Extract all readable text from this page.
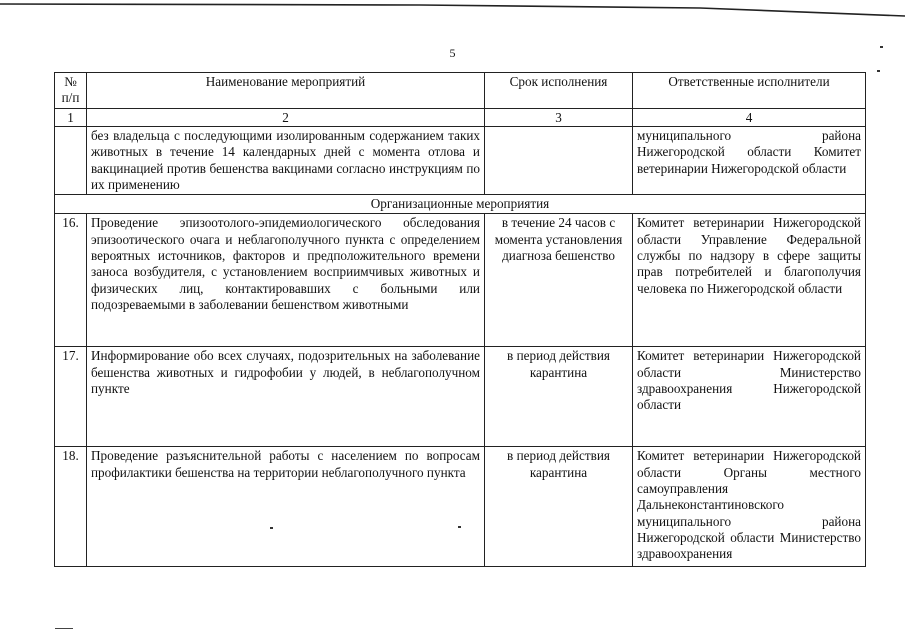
5
№ п/п	Наименование мероприятий	Срок исполнения	Ответственные исполнители
1	2	3	4
	без владельца с последующими изолированным содержанием таких животных в течение 14 календарных дней с момента отлова и вакцинацией против бешенства вакцинами согласно инструкциям по их применению		муниципального района Нижегородской области Комитет ветеринарии Нижегородской области
Организационные мероприятия			
16.	Проведение эпизоотолого-эпидемиологического обследования эпизоотического очага и неблагополучного пункта с определением вероятных источников, факторов и предположительного времени заноса возбудителя, с установлением восприимчивых животных и физических лиц, контактировавших с больными или подозреваемыми в заболевании бешенством животными	в течение 24 часов с момента установления диагноза бешенство	Комитет ветеринарии Нижегородской области Управление Федеральной службы по надзору в сфере защиты прав потребителей и благополучия человека по Нижегородской области
17.	Информирование обо всех случаях, подозрительных на заболевание бешенства животных и гидрофобии у людей, в неблагополучном пункте	в период действия карантина	Комитет ветеринарии Нижегородской области Министерство здравоохранения Нижегородской области
18.	Проведение разъяснительной работы с населением по вопросам профилактики бешенства на территории неблагополучного пункта	в период действия карантина	Комитет ветеринарии Нижегородской области Органы местного самоуправления Дальнеконстантиновского муниципального района Нижегородской области Министерство здравоохранения
